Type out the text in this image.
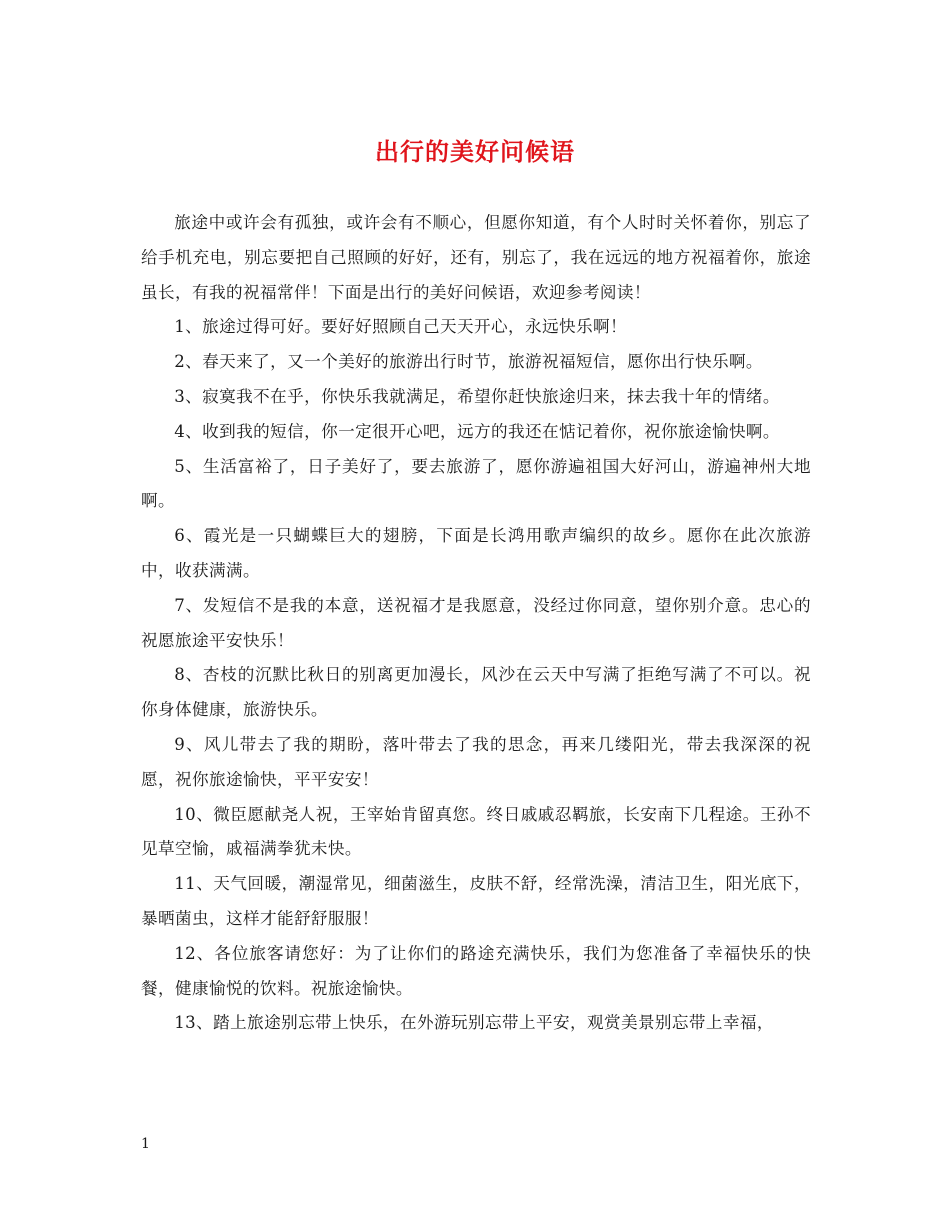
出行的美好问候语

旅途中或许会有孤独，或许会有不顺心，但愿你知道，有个人时时关怀着你，别忘了给手机充电，别忘要把自己照顾的好好，还有，别忘了，我在远远的地方祝福着你，旅途虽长，有我的祝福常伴！下面是出行的美好问候语，欢迎参考阅读！

1、旅途过得可好。要好好照顾自己天天开心，永远快乐啊！

2、春天来了，又一个美好的旅游出行时节，旅游祝福短信，愿你出行快乐啊。

3、寂寞我不在乎，你快乐我就满足，希望你赶快旅途归来，抹去我十年的情绪。

4、收到我的短信，你一定很开心吧，远方的我还在惦记着你，祝你旅途愉快啊。

5、生活富裕了，日子美好了，要去旅游了，愿你游遍祖国大好河山，游遍神州大地啊。

6、霞光是一只蝴蝶巨大的翅膀，下面是长鸿用歌声编织的故乡。愿你在此次旅游中，收获满满。

7、发短信不是我的本意，送祝福才是我愿意，没经过你同意，望你别介意。忠心的祝愿旅途平安快乐！

8、杏枝的沉默比秋日的别离更加漫长，风沙在云天中写满了拒绝写满了不可以。祝你身体健康，旅游快乐。

9、风儿带去了我的期盼，落叶带去了我的思念，再来几缕阳光，带去我深深的祝愿，祝你旅途愉快，平平安安！

10、微臣愿献尧人祝，王宰始肯留真您。终日戚戚忍羁旅，长安南下几程途。王孙不见草空愉，戚福满拳犹未快。

11、天气回暖，潮湿常见，细菌滋生，皮肤不舒，经常洗澡，清洁卫生，阳光底下，暴晒菌虫，这样才能舒舒服服！

12、各位旅客请您好：为了让你们的路途充满快乐，我们为您准备了幸福快乐的快餐，健康愉悦的饮料。祝旅途愉快。

13、踏上旅途别忘带上快乐，在外游玩别忘带上平安，观赏美景别忘带上幸福，

1
